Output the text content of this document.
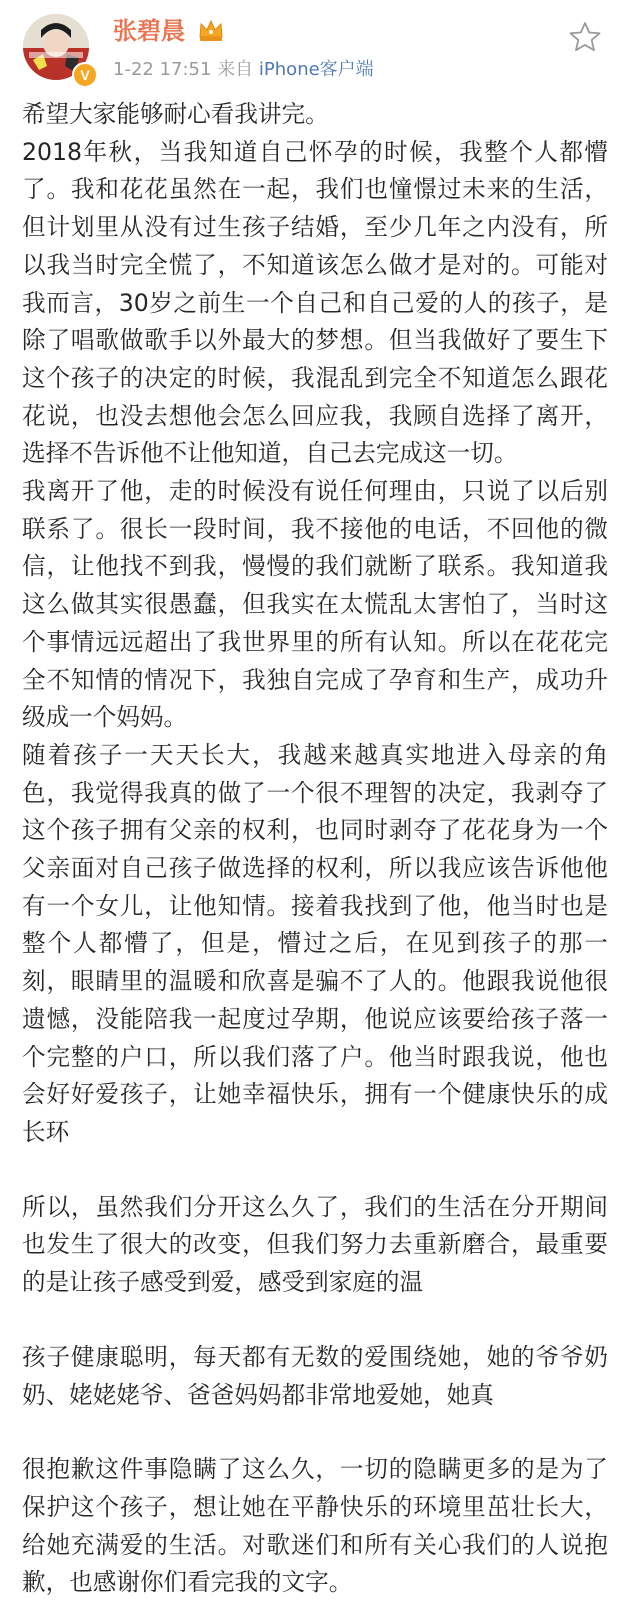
V
张碧晨
1-22 17:51 来自 iPhone客户端

希望大家能够耐心看我讲完。

2018年秋，当我知道自己怀孕的时候，我整个人都懵了。我和花花虽然在一起，我们也憧憬过未来的生活，但计划里从没有过生孩子结婚，至少几年之内没有，所以我当时完全慌了，不知道该怎么做才是对的。可能对我而言，30岁之前生一个自己和自己爱的人的孩子，是除了唱歌做歌手以外最大的梦想。但当我做好了要生下这个孩子的决定的时候，我混乱到完全不知道怎么跟花花说，也没去想他会怎么回应我，我顾自选择了离开，选择不告诉他不让他知道，自己去完成这一切。

我离开了他，走的时候没有说任何理由，只说了以后别联系了。很长一段时间，我不接他的电话，不回他的微信，让他找不到我，慢慢的我们就断了联系。我知道我这么做其实很愚蠢，但我实在太慌乱太害怕了，当时这个事情远远超出了我世界里的所有认知。所以在花花完全不知情的情况下，我独自完成了孕育和生产，成功升级成一个妈妈。

随着孩子一天天长大，我越来越真实地进入母亲的角色，我觉得我真的做了一个很不理智的决定，我剥夺了这个孩子拥有父亲的权利，也同时剥夺了花花身为一个父亲面对自己孩子做选择的权利，所以我应该告诉他他有一个女儿，让他知情。接着我找到了他，他当时也是整个人都懵了，但是，懵过之后，在见到孩子的那一刻，眼睛里的温暖和欣喜是骗不了人的。他跟我说他很遗憾，没能陪我一起度过孕期，他说应该要给孩子落一个完整的户口，所以我们落了户。他当时跟我说，他也会好好爱孩子，让她幸福快乐，拥有一个健康快乐的成长环

所以，虽然我们分开这么久了，我们的生活在分开期间也发生了很大的改变，但我们努力去重新磨合，最重要的是让孩子感受到爱，感受到家庭的温

孩子健康聪明，每天都有无数的爱围绕她，她的爷爷奶奶、姥姥姥爷、爸爸妈妈都非常地爱她，她真

很抱歉这件事隐瞒了这么久，一切的隐瞒更多的是为了保护这个孩子，想让她在平静快乐的环境里茁壮长大，给她充满爱的生活。对歌迷们和所有关心我们的人说抱歉，也感谢你们看完我的文字。
